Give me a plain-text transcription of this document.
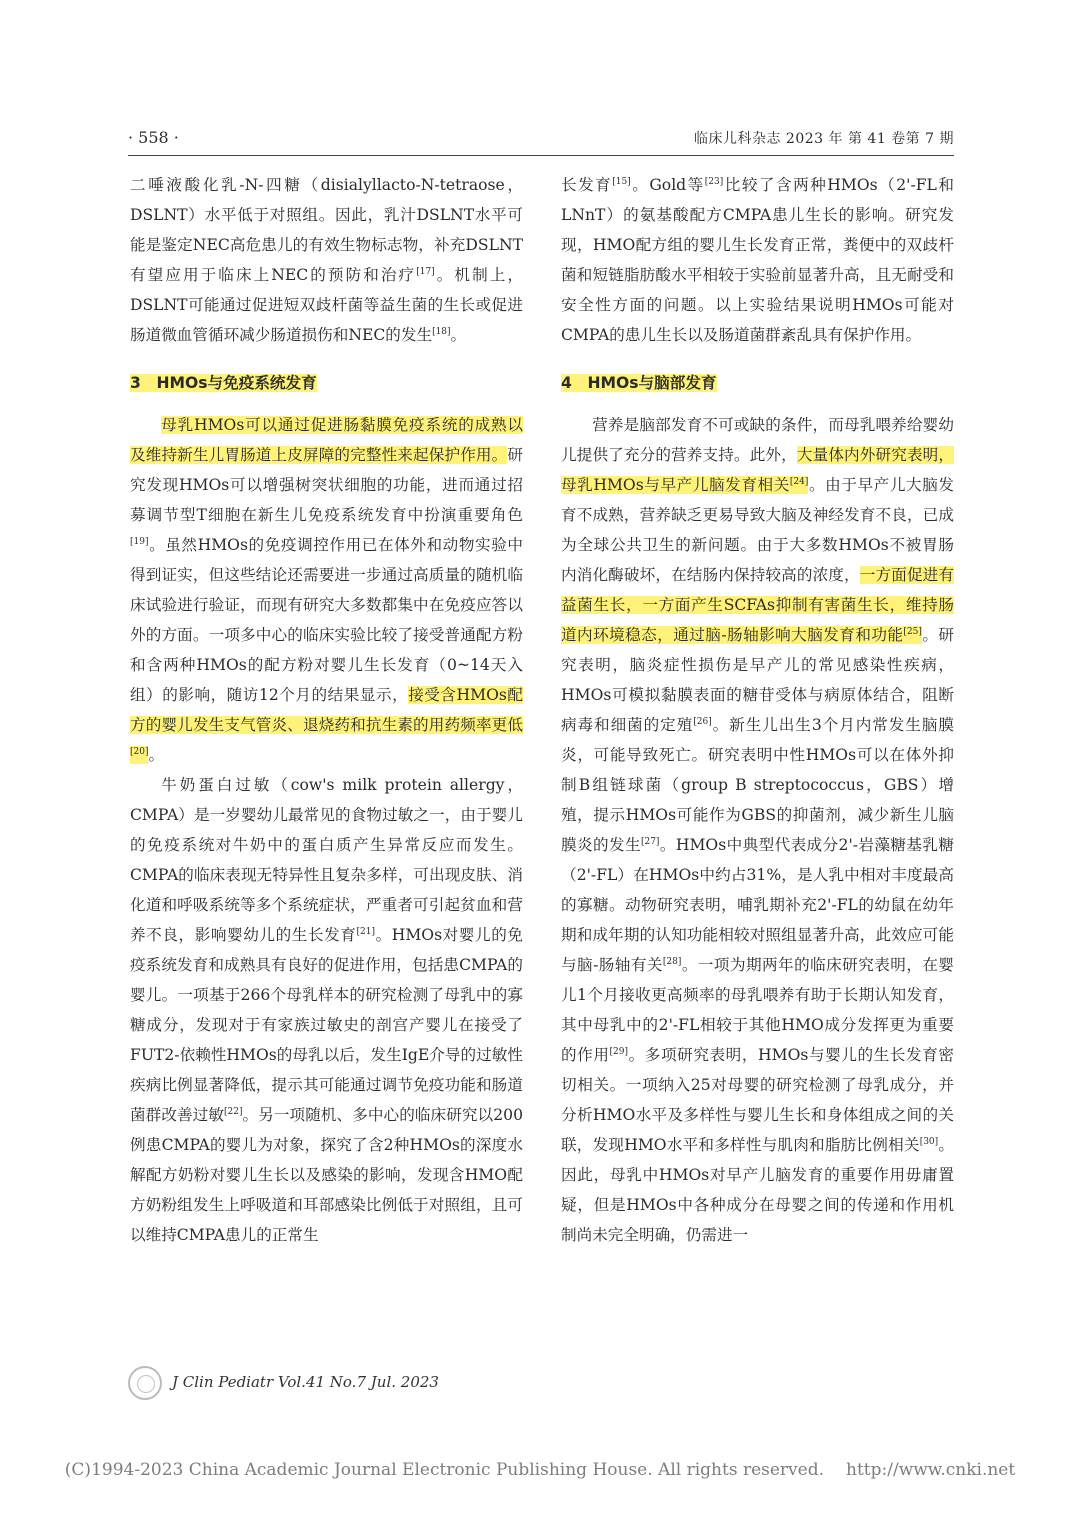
· 558 ·	临床儿科杂志 2023 年 第 41 卷第 7 期

二唾液酸化乳-N-四糖（disialyllacto-N-tetraose，DSLNT）水平低于对照组。因此，乳汁DSLNT水平可能是鉴定NEC高危患儿的有效生物标志物，补充DSLNT有望应用于临床上NEC的预防和治疗[17]。机制上，DSLNT可能通过促进短双歧杆菌等益生菌的生长或促进肠道微血管循环减少肠道损伤和NEC的发生[18]。

3　HMOs与免疫系统发育

母乳HMOs可以通过促进肠黏膜免疫系统的成熟以及维持新生儿胃肠道上皮屏障的完整性来起保护作用。研究发现HMOs可以增强树突状细胞的功能，进而通过招募调节型T细胞在新生儿免疫系统发育中扮演重要角色[19]。虽然HMOs的免疫调控作用已在体外和动物实验中得到证实，但这些结论还需要进一步通过高质量的随机临床试验进行验证，而现有研究大多数都集中在免疫应答以外的方面。一项多中心的临床实验比较了接受普通配方粉和含两种HMOs的配方粉对婴儿生长发育（0~14天入组）的影响，随访12个月的结果显示，接受含HMOs配方的婴儿发生支气管炎、退烧药和抗生素的用药频率更低[20]。

牛奶蛋白过敏（cow's milk protein allergy，CMPA）是一岁婴幼儿最常见的食物过敏之一，由于婴儿的免疫系统对牛奶中的蛋白质产生异常反应而发生。CMPA的临床表现无特异性且复杂多样，可出现皮肤、消化道和呼吸系统等多个系统症状，严重者可引起贫血和营养不良，影响婴幼儿的生长发育[21]。HMOs对婴儿的免疫系统发育和成熟具有良好的促进作用，包括患CMPA的婴儿。一项基于266个母乳样本的研究检测了母乳中的寡糖成分，发现对于有家族过敏史的剖宫产婴儿在接受了FUT2-依赖性HMOs的母乳以后，发生IgE介导的过敏性疾病比例显著降低，提示其可能通过调节免疫功能和肠道菌群改善过敏[22]。另一项随机、多中心的临床研究以200例患CMPA的婴儿为对象，探究了含2种HMOs的深度水解配方奶粉对婴儿生长以及感染的影响，发现含HMO配方奶粉组发生上呼吸道和耳部感染比例低于对照组，且可以维持CMPA患儿的正常生

长发育[15]。Gold等[23]比较了含两种HMOs（2'-FL和LNnT）的氨基酸配方CMPA患儿生长的影响。研究发现，HMO配方组的婴儿生长发育正常，粪便中的双歧杆菌和短链脂肪酸水平相较于实验前显著升高，且无耐受和安全性方面的问题。以上实验结果说明HMOs可能对CMPA的患儿生长以及肠道菌群紊乱具有保护作用。

4　HMOs与脑部发育

营养是脑部发育不可或缺的条件，而母乳喂养给婴幼儿提供了充分的营养支持。此外，大量体内外研究表明，母乳HMOs与早产儿脑发育相关[24]。由于早产儿大脑发育不成熟，营养缺乏更易导致大脑及神经发育不良，已成为全球公共卫生的新问题。由于大多数HMOs不被胃肠内消化酶破坏，在结肠内保持较高的浓度，一方面促进有益菌生长，一方面产生SCFAs抑制有害菌生长，维持肠道内环境稳态，通过脑-肠轴影响大脑发育和功能[25]。研究表明，脑炎症性损伤是早产儿的常见感染性疾病，HMOs可模拟黏膜表面的糖苷受体与病原体结合，阻断病毒和细菌的定殖[26]。新生儿出生3个月内常发生脑膜炎，可能导致死亡。研究表明中性HMOs可以在体外抑制B组链球菌（group B streptococcus，GBS）增殖，提示HMOs可能作为GBS的抑菌剂，减少新生儿脑膜炎的发生[27]。HMOs中典型代表成分2'-岩藻糖基乳糖（2'-FL）在HMOs中约占31%，是人乳中相对丰度最高的寡糖。动物研究表明，哺乳期补充2'-FL的幼鼠在幼年期和成年期的认知功能相较对照组显著升高，此效应可能与脑-肠轴有关[28]。一项为期两年的临床研究表明，在婴儿1个月接收更高频率的母乳喂养有助于长期认知发育，其中母乳中的2'-FL相较于其他HMO成分发挥更为重要的作用[29]。多项研究表明，HMOs与婴儿的生长发育密切相关。一项纳入25对母婴的研究检测了母乳成分，并分析HMO水平及多样性与婴儿生长和身体组成之间的关联，发现HMO水平和多样性与肌肉和脂肪比例相关[30]。因此，母乳中HMOs对早产儿脑发育的重要作用毋庸置疑，但是HMOs中各种成分在母婴之间的传递和作用机制尚未完全明确，仍需进一

J Clin Pediatr Vol.41 No.7 Jul. 2023
(C)1994-2023 China Academic Journal Electronic Publishing House. All rights reserved. http://www.cnki.net
